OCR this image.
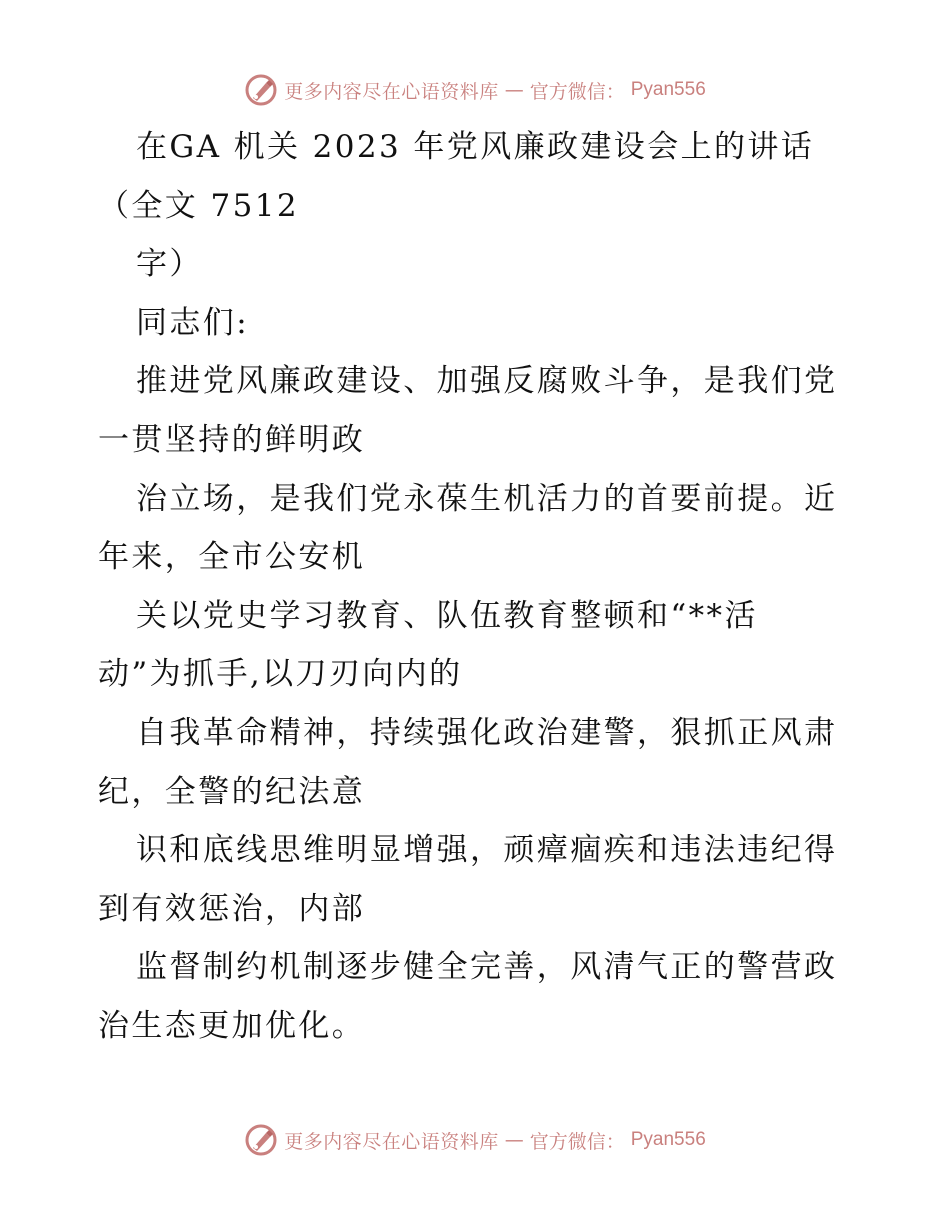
更多内容尽在心语资料库 — 官方微信： Pyan556
在GA 机关 2023 年党风廉政建设会上的讲话
（全文 7512
字）
同志们:
推进党风廉政建设、加强反腐败斗争，是我们党
一贯坚持的鲜明政
治立场，是我们党永葆生机活力的首要前提。近
年来，全市公安机
关以党史学习教育、队伍教育整顿和“**活
动”为抓手,以刀刃向内的
自我革命精神，持续强化政治建警，狠抓正风肃
纪，全警的纪法意
识和底线思维明显增强，顽瘴痼疾和违法违纪得
到有效惩治，内部
监督制约机制逐步健全完善，风清气正的警营政
治生态更加优化。
更多内容尽在心语资料库 — 官方微信： Pyan556
